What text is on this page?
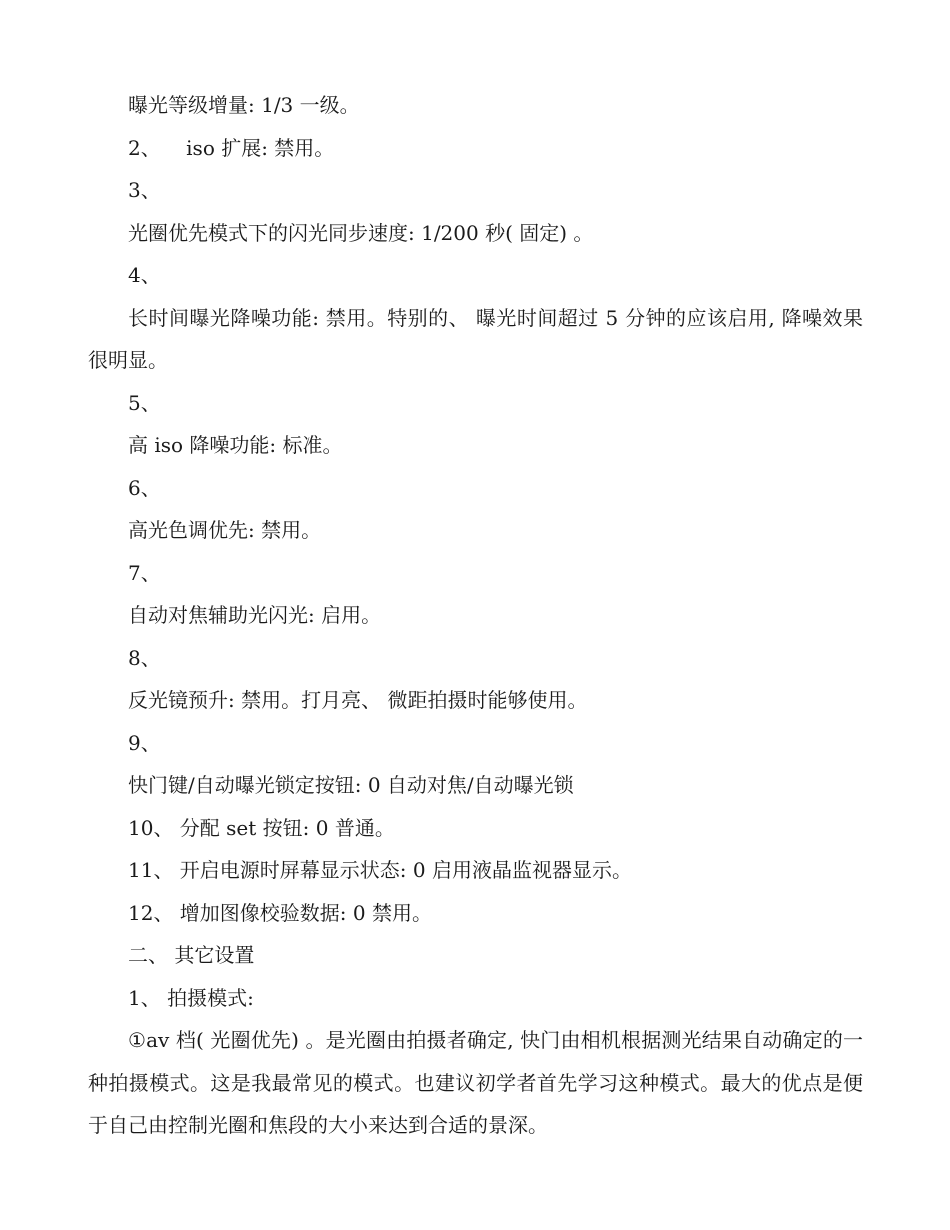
曝光等级增量: 1/3 一级。

2、    iso 扩展: 禁用。

3、

光圈优先模式下的闪光同步速度: 1/200 秒( 固定) 。

4、

长时间曝光降噪功能: 禁用。特别的、 曝光时间超过 5 分钟的应该启用, 降噪效果很明显。

5、

高 iso 降噪功能: 标准。

6、

高光色调优先: 禁用。

7、

自动对焦辅助光闪光: 启用。

8、

反光镜预升: 禁用。打月亮、 微距拍摄时能够使用。

9、

快门键/自动曝光锁定按钮: 0 自动对焦/自动曝光锁

10、 分配 set 按钮: 0 普通。

11、 开启电源时屏幕显示状态: 0 启用液晶监视器显示。

12、 增加图像校验数据: 0 禁用。

二、 其它设置

1、 拍摄模式:

①av 档( 光圈优先) 。是光圈由拍摄者确定, 快门由相机根据测光结果自动确定的一种拍摄模式。这是我最常见的模式。也建议初学者首先学习这种模式。最大的优点是便于自己由控制光圈和焦段的大小来达到合适的景深。
